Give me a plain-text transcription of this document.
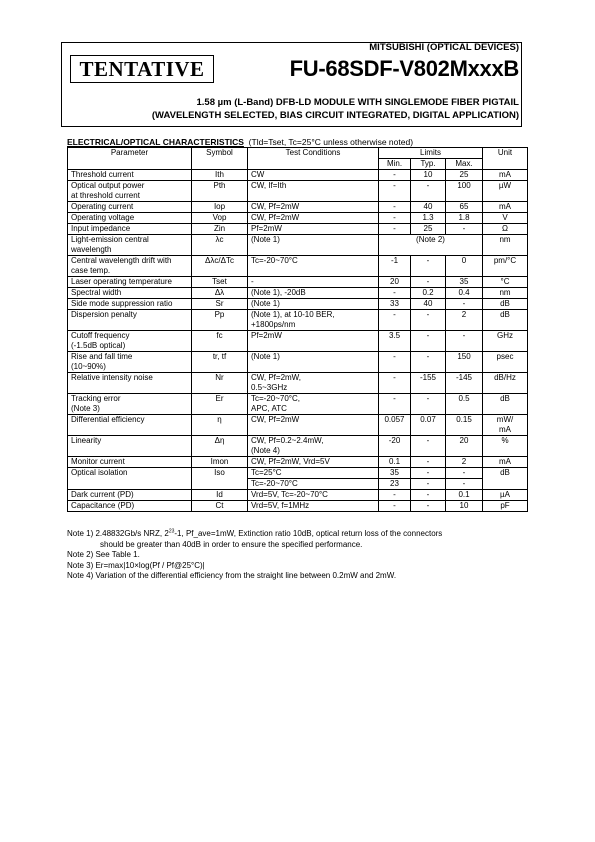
MITSUBISHI (OPTICAL DEVICES)
TENTATIVE	FU-68SDF-V802MxxxB
1.58 µm (L-Band) DFB-LD MODULE WITH SINGLEMODE FIBER PIGTAIL
(WAVELENGTH SELECTED, BIAS CIRCUIT INTEGRATED, DIGITAL APPLICATION)
ELECTRICAL/OPTICAL CHARACTERISTICS (Tld=Tset, Tc=25°C unless otherwise noted)
Parameter	Symbol	Test Conditions	Limits			Unit
			Min.	Typ.	Max.	
Threshold current	Ith	CW	-	10	25	mA
Optical output power
at threshold current	Pth	CW, If=Ith	-	-	100	µW
Operating current	Iop	CW, Pf=2mW	-	40	65	mA
Operating voltage	Vop	CW, Pf=2mW	-	1.3	1.8	V
Input impedance	Zin	Pf=2mW	-	25	-	Ω
Light-emission central
wavelength	λc	(Note 1)	(Note 2)			nm
Central wavelength drift with
case temp.	Δλc/ΔTc	Tc=-20~70°C	-1	-	0	pm/°C
Laser operating temperature	Tset	-	20	-	35	°C
Spectral width	Δλ	(Note 1), -20dB	-	0.2	0.4	nm
Side mode suppression ratio	Sr	(Note 1)	33	40	-	dB
Dispersion penalty	Pp	(Note 1), at 10-10 BER,
+1800ps/nm	-	-	2	dB
Cutoff frequency
(-1.5dB optical)	fc	Pf=2mW	3.5	-	-	GHz
Rise and fall time
(10~90%)	tr, tf	(Note 1)	-	-	150	psec
Relative intensity noise	Nr	CW, Pf=2mW,
0.5~3GHz	-	-155	-145	dB/Hz
Tracking error
(Note 3)	Er	Tc=-20~70°C,
APC, ATC	-	-	0.5	dB
Differential efficiency	η	CW, Pf=2mW	0.057	0.07	0.15	mW/
mA
Linearity	Δη	CW, Pf=0.2~2.4mW,
(Note 4)	-20	-	20	%
Monitor current	Imon	CW, Pf=2mW, Vrd=5V	0.1	-	2	mA
Optical isolation	Iso	Tc=25°C	35	-	-	dB
		Tc=-20~70°C	23	-	-	
Dark current (PD)	Id	Vrd=5V, Tc=-20~70°C	-	-	0.1	µA
Capacitance (PD)	Ct	Vrd=5V, f=1MHz	-	-	10	pF
Note 1) 2.48832Gb/s NRZ, $2^{23}-1$, Pf_ave=1mW, Extinction ratio 10dB, optical return loss of the connectors
should be greater than 40dB in order to ensure the specified performance.
Note 2) See Table 1.
Note 3) Er=max|10×log(Pf / Pf@25°C)|
Note 4) Variation of the differential efficiency from the straight line between 0.2mW and 2mW.
